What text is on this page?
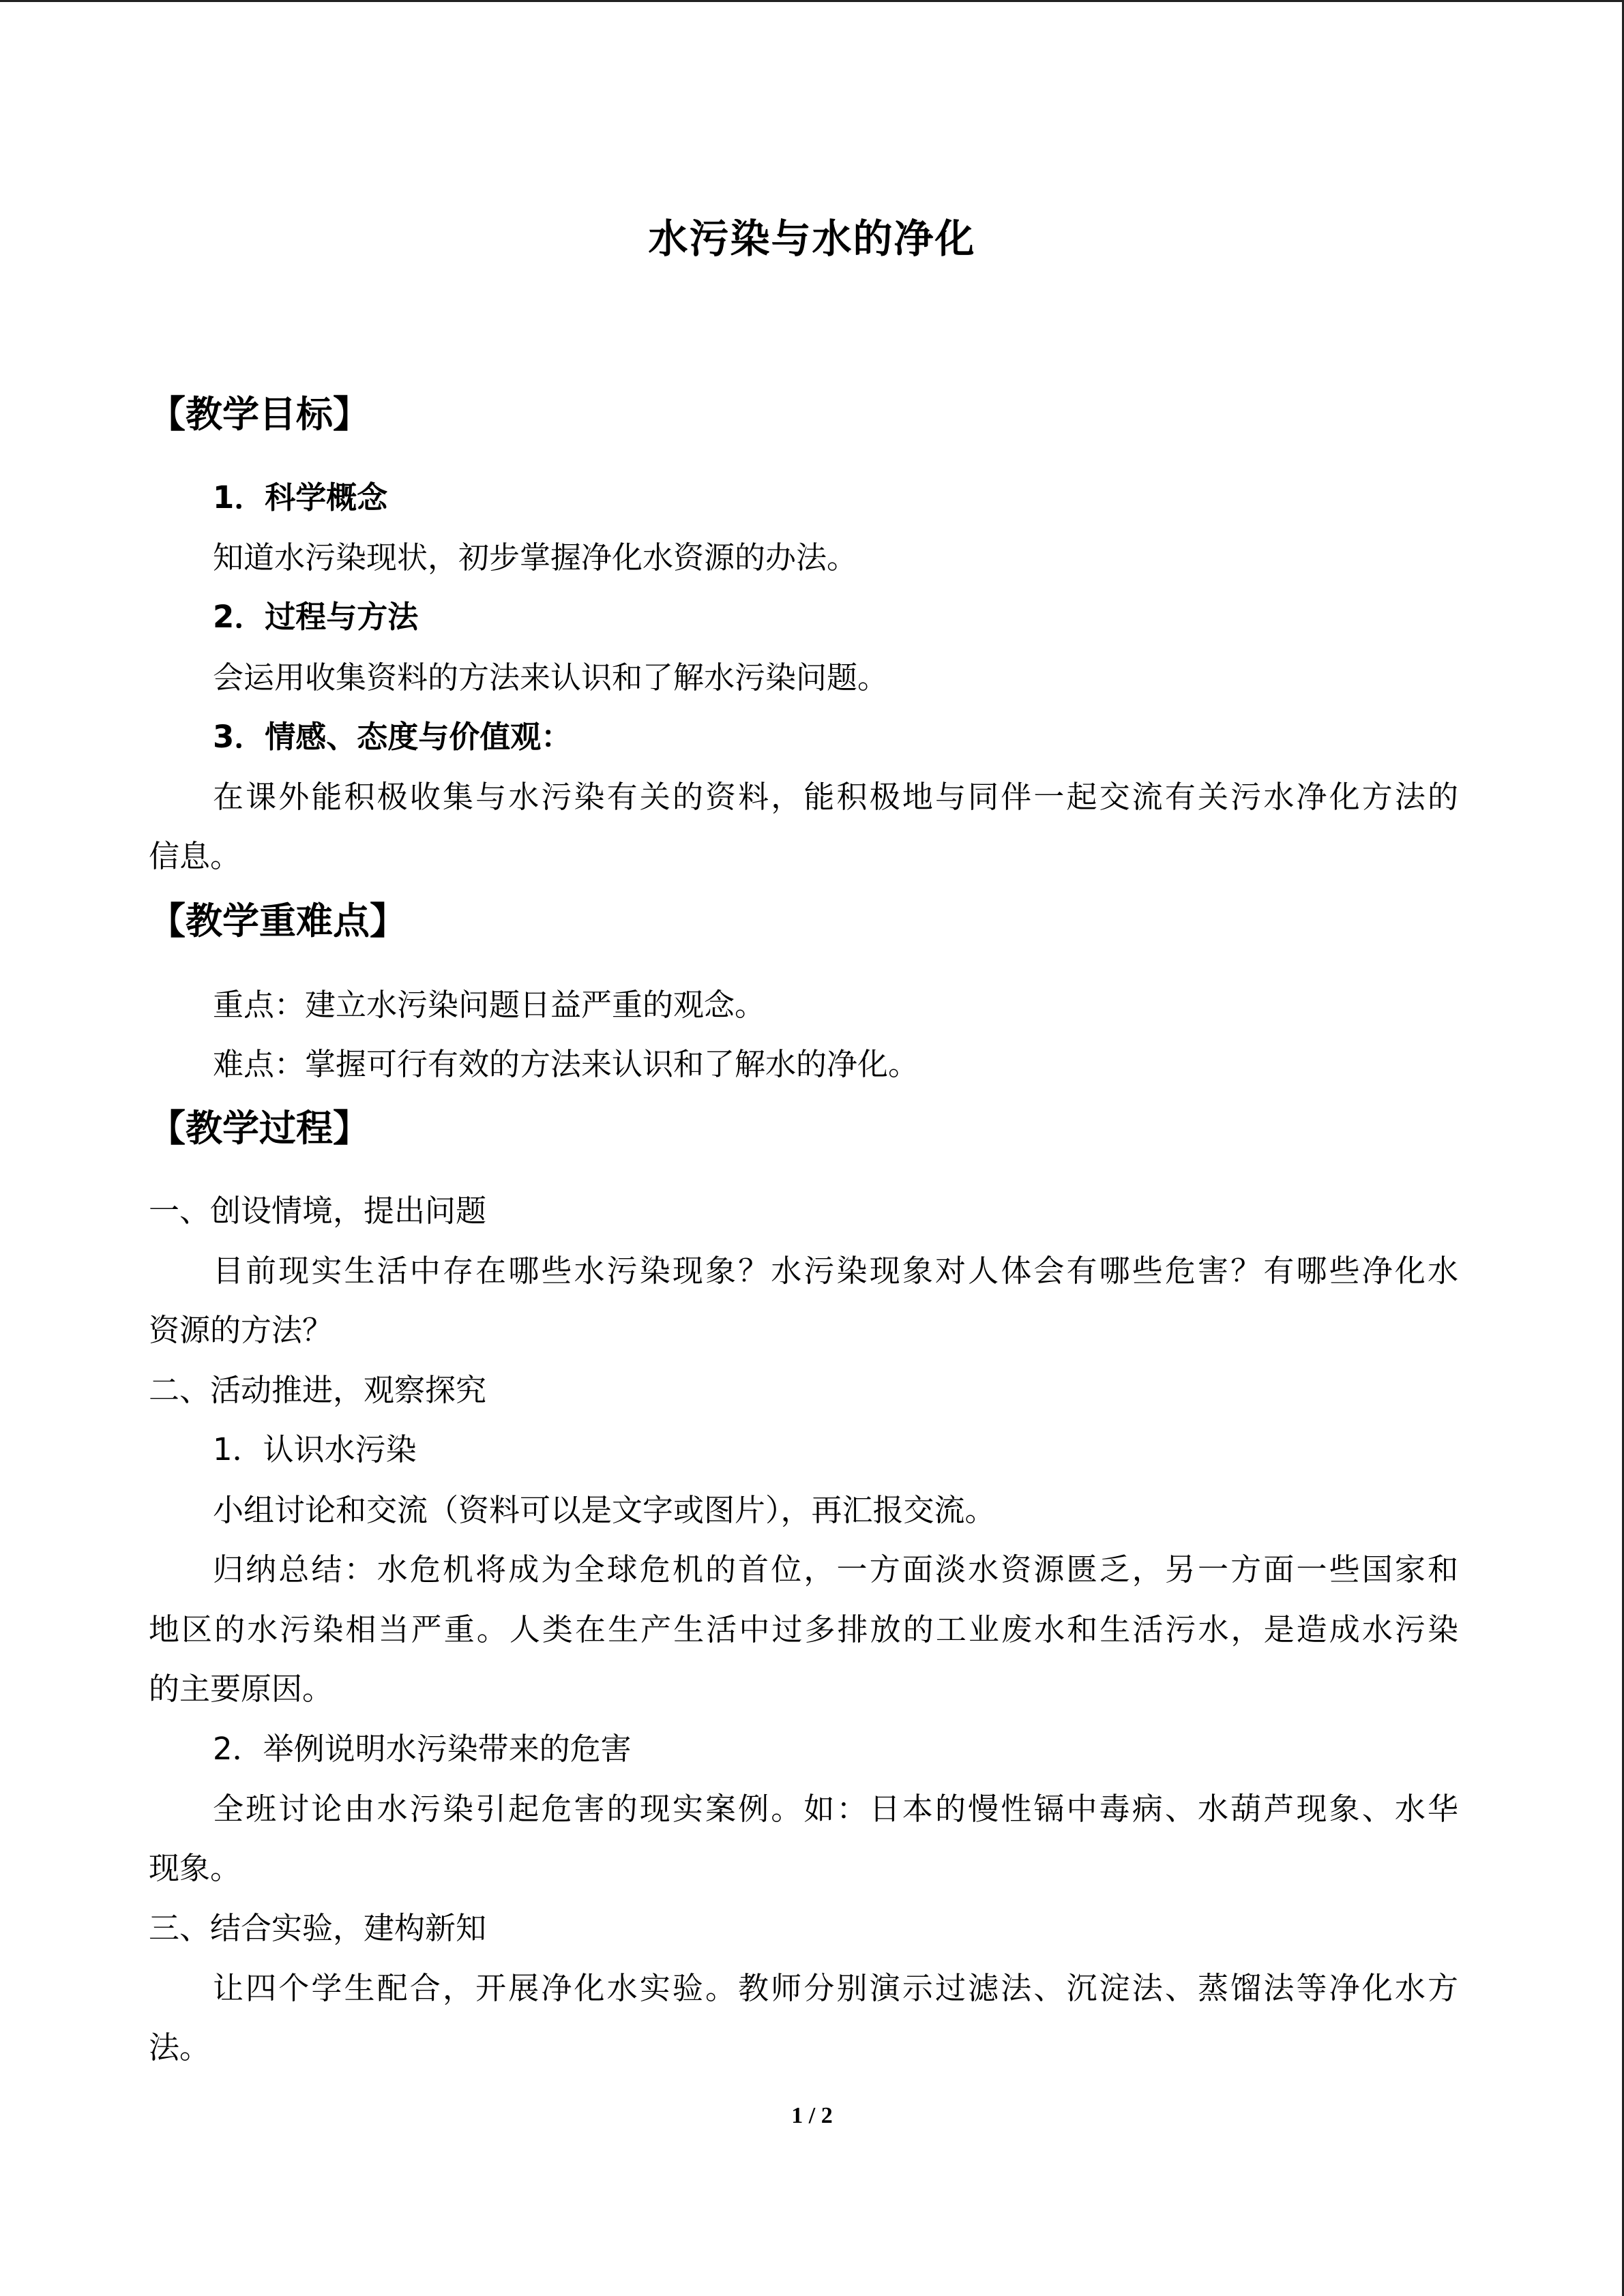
水污染与水的净化
【教学目标】
1．科学概念
知道水污染现状，初步掌握净化水资源的办法。
2．过程与方法
会运用收集资料的方法来认识和了解水污染问题。
3．情感、态度与价值观：
在课外能积极收集与水污染有关的资料，能积极地与同伴一起交流有关污水净化方法的
信息。
【教学重难点】
重点：建立水污染问题日益严重的观念。
难点：掌握可行有效的方法来认识和了解水的净化。
【教学过程】
一、创设情境，提出问题
目前现实生活中存在哪些水污染现象？水污染现象对人体会有哪些危害？有哪些净化水
资源的方法？
二、活动推进，观察探究
1．认识水污染
小组讨论和交流（资料可以是文字或图片），再汇报交流。
归纳总结：水危机将成为全球危机的首位，一方面淡水资源匮乏，另一方面一些国家和
地区的水污染相当严重。人类在生产生活中过多排放的工业废水和生活污水，是造成水污染
的主要原因。
2．举例说明水污染带来的危害
全班讨论由水污染引起危害的现实案例。如：日本的慢性镉中毒病、水葫芦现象、水华
现象。
三、结合实验，建构新知
让四个学生配合，开展净化水实验。教师分别演示过滤法、沉淀法、蒸馏法等净化水方
法。
1 / 2
